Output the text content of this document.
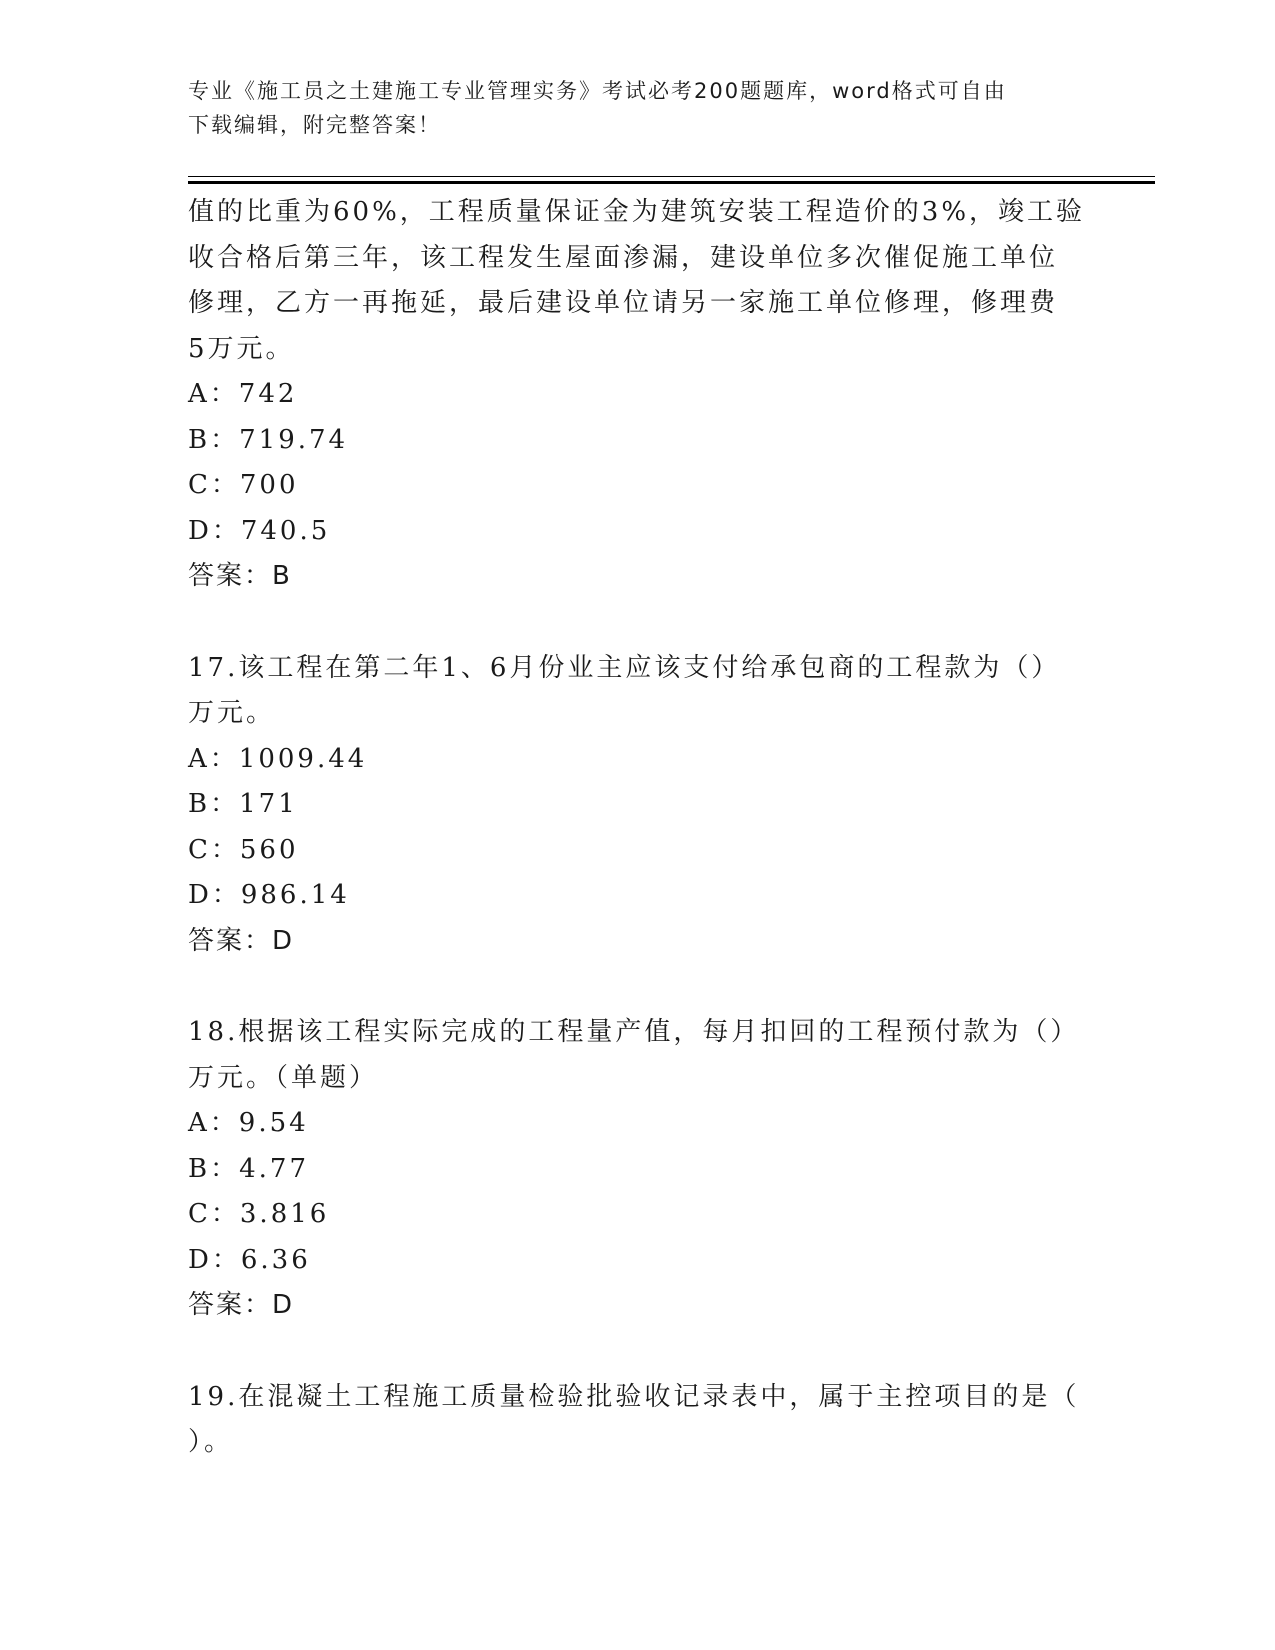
专业《施工员之土建施工专业管理实务》考试必考200题题库，word格式可自由
下载编辑，附完整答案！
值的比重为60%，工程质量保证金为建筑安装工程造价的3%，竣工验
收合格后第三年，该工程发生屋面渗漏，建设单位多次催促施工单位
修理，乙方一再拖延，最后建设单位请另一家施工单位修理，修理费
5万元。
A：742
B：719.74
C：700
D：740.5
答案：B
17.该工程在第二年1、6月份业主应该支付给承包商的工程款为（）
万元。
A：1009.44
B：171
C：560
D：986.14
答案：D
18.根据该工程实际完成的工程量产值，每月扣回的工程预付款为（）
万元。（单题）
A：9.54
B：4.77
C：3.816
D：6.36
答案：D
19.在混凝土工程施工质量检验批验收记录表中，属于主控项目的是（
）。
